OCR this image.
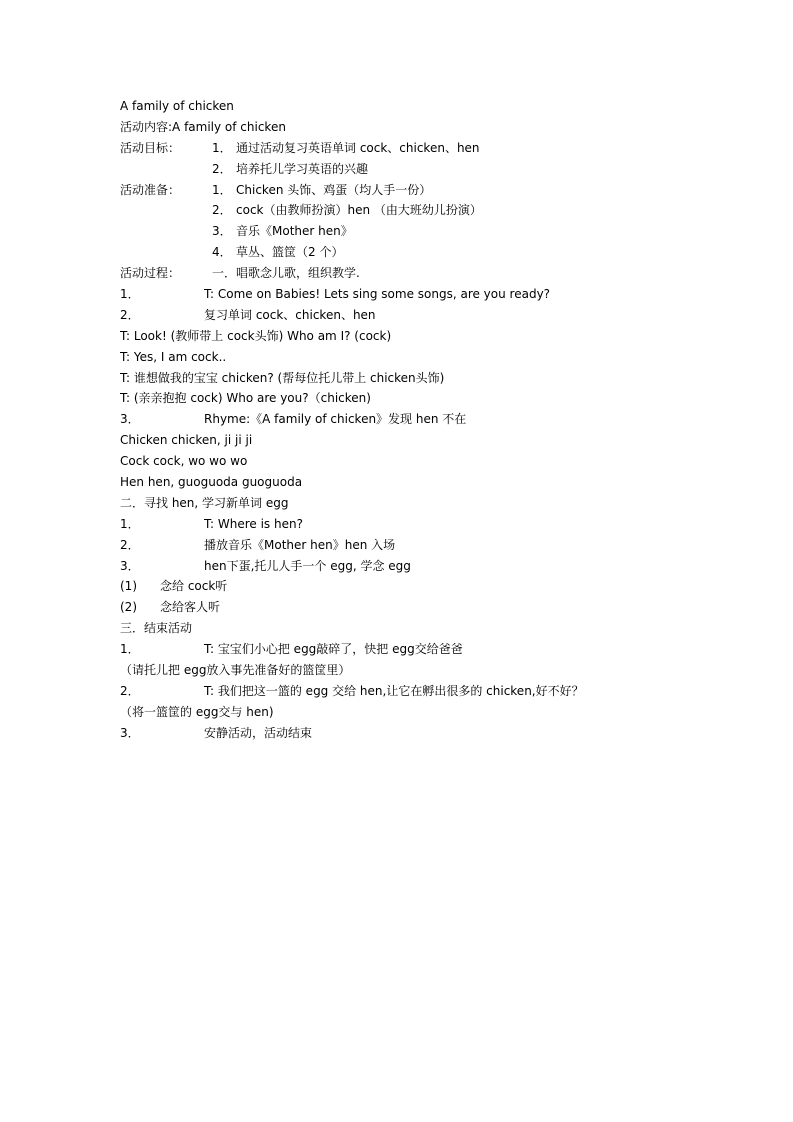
A family of chicken
活动内容:A family of chicken
活动目标：	1． 通过活动复习英语单词 cock、chicken、hen
2． 培养托儿学习英语的兴趣
活动准备：	1． Chicken 头饰、鸡蛋（均人手一份）
2． cock（由教师扮演）hen （由大班幼儿扮演）
3． 音乐《Mother hen》
4． 草丛、篮筐（2 个）
活动过程：	一．唱歌念儿歌，组织教学.
1．	T: Come on Babies! Lets sing some songs, are you ready?
2．	复习单词 cock、chicken、hen
T: Look! (教师带上 cock头饰) Who am I? (cock)
T: Yes, I am cock..
T: 谁想做我的宝宝 chicken? (帮每位托儿带上 chicken头饰)
T: (亲亲抱抱 cock) Who are you?（chicken)
3．	Rhyme:《A family of chicken》发现 hen 不在
Chicken chicken, ji ji ji
Cock cock, wo wo wo
Hen hen, guoguoda guoguoda
二．寻找 hen, 学习新单词 egg
1．	T: Where is hen?
2．	播放音乐《Mother hen》hen 入场
3．	hen下蛋,托儿人手一个 egg, 学念 egg
(1) 念给 cock听
(2) 念给客人听
三．结束活动
1．	T: 宝宝们小心把 egg敲碎了，快把 egg交给爸爸
（请托儿把 egg放入事先准备好的篮筐里）
2．	T: 我们把这一篮的 egg 交给 hen,让它在孵出很多的 chicken,好不好？
（将一篮筐的 egg交与 hen)
3．	安静活动，活动结束
